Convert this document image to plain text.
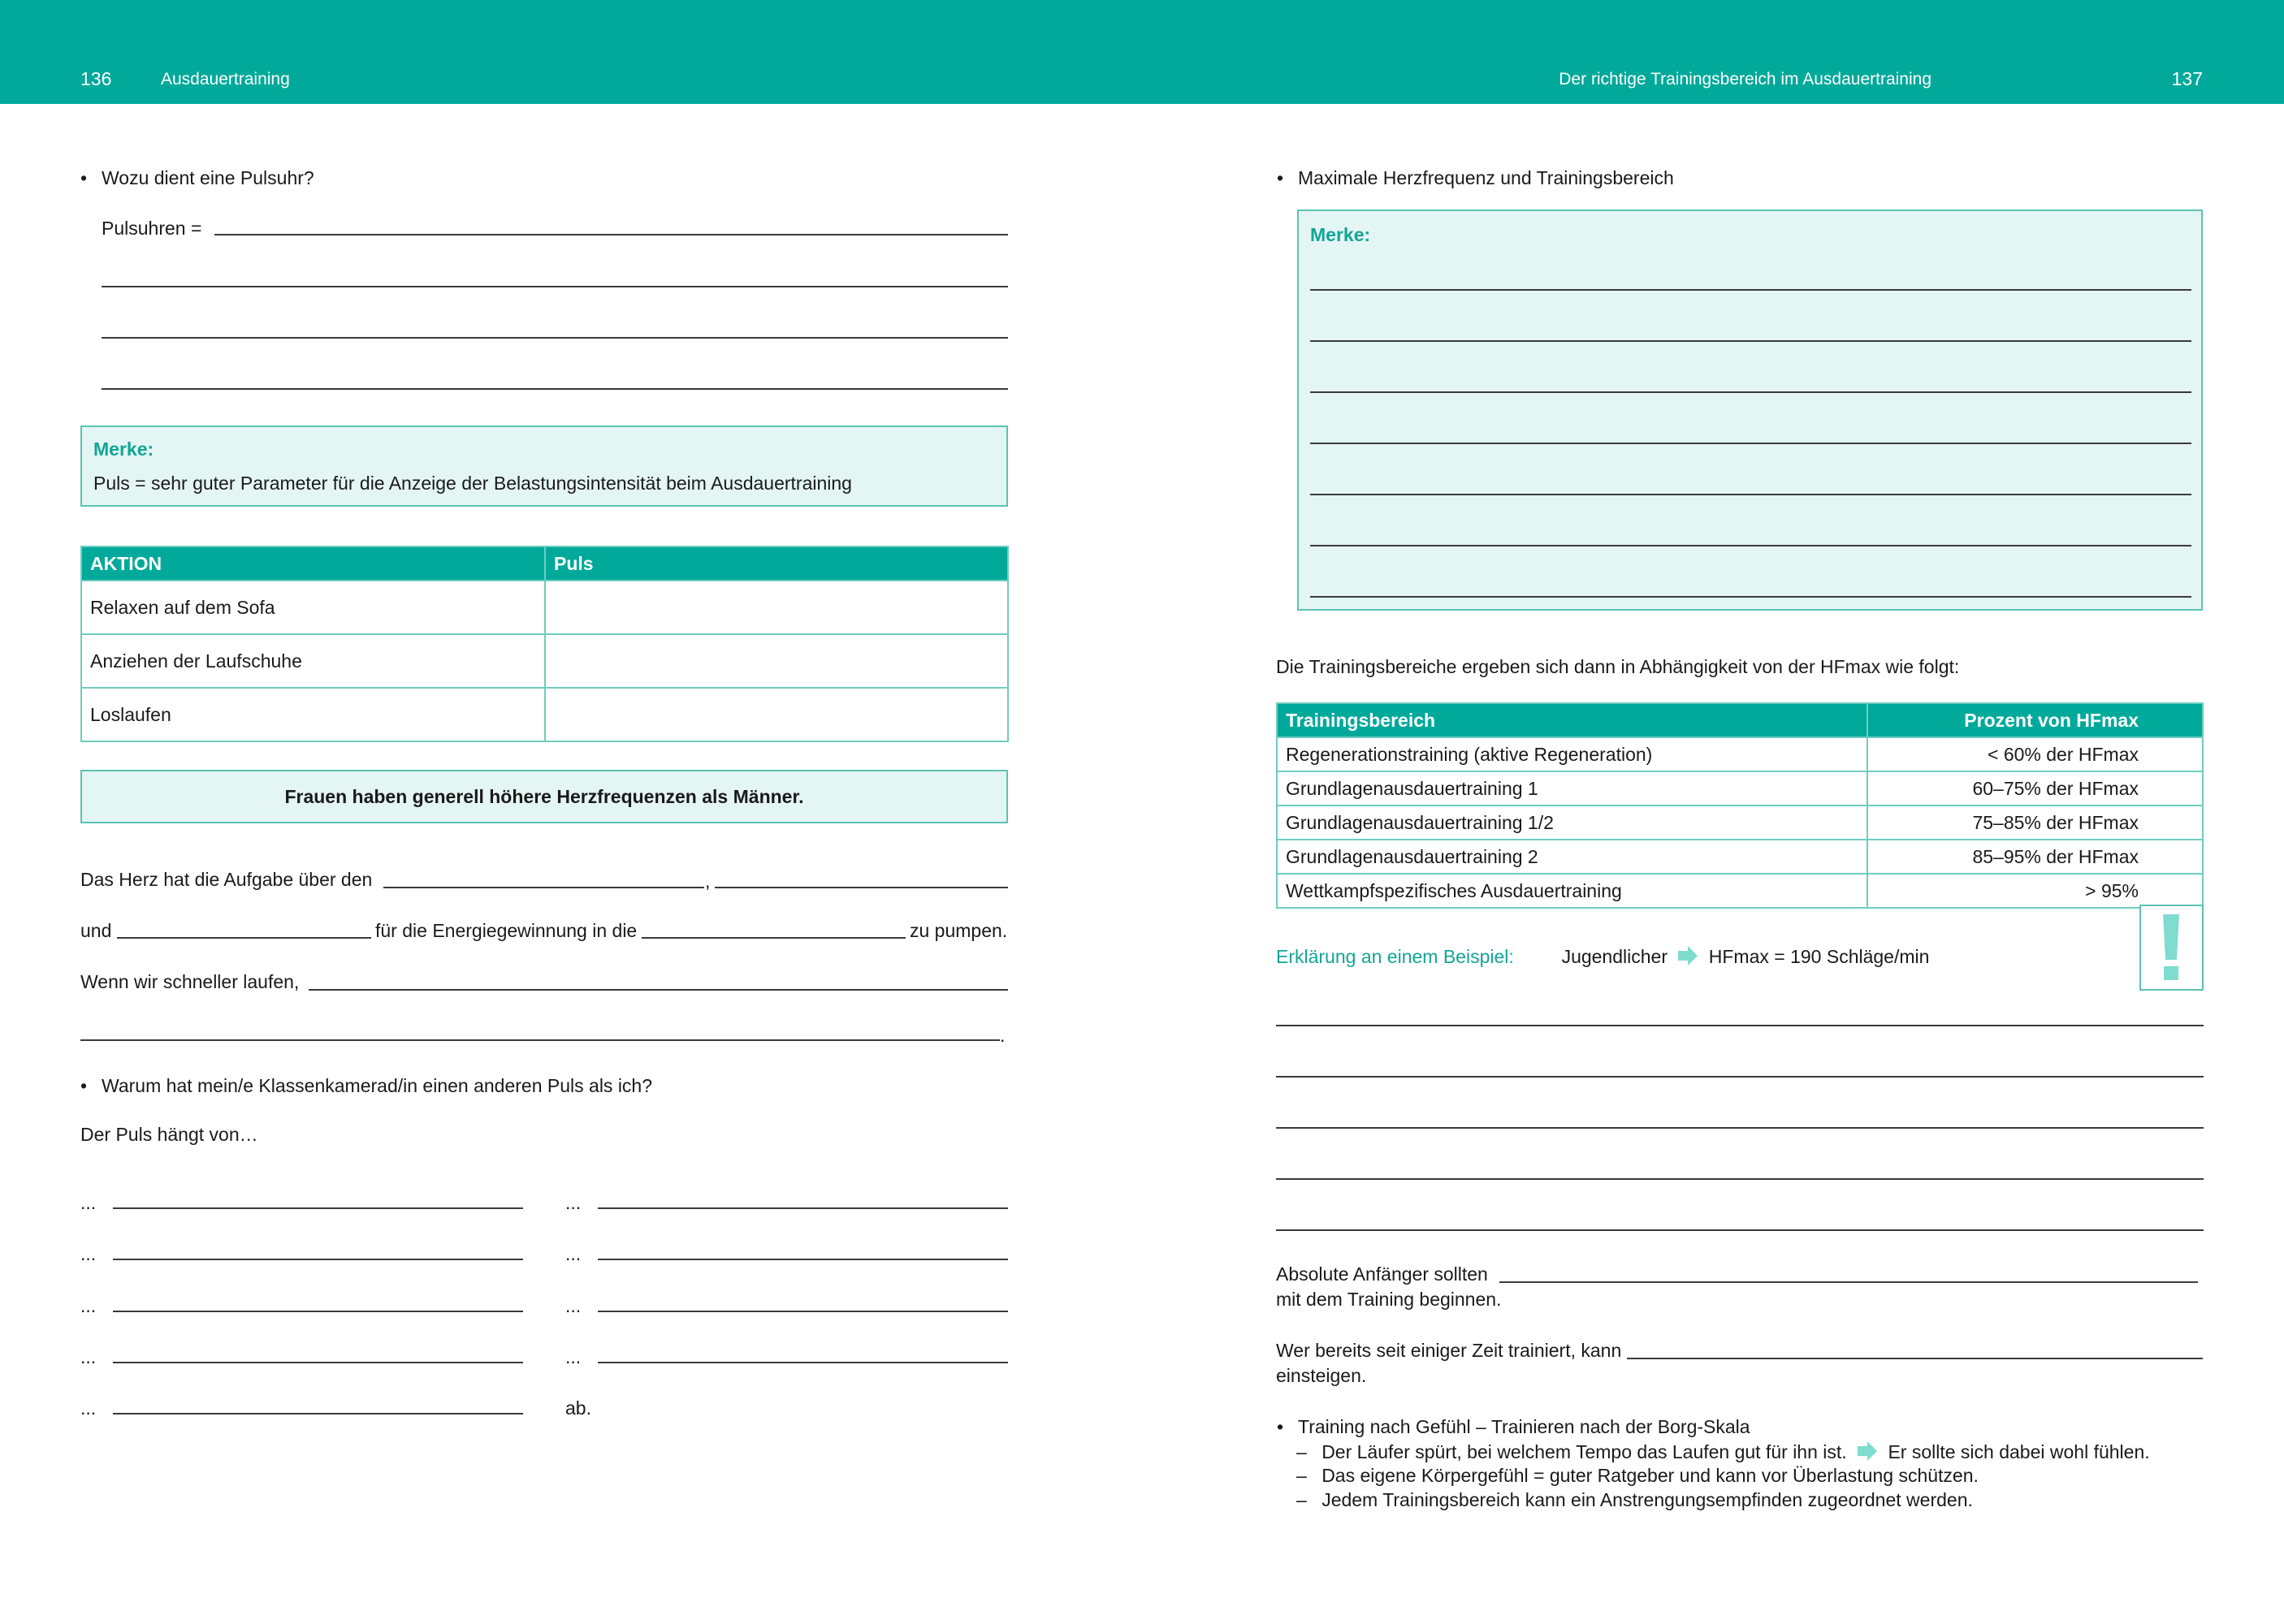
136	Ausdauertraining	Der richtige Trainingsbereich im Ausdauertraining	137
• Wozu dient eine Pulsuhr?
Pulsuhren =
Merke:
Puls = sehr guter Parameter für die Anzeige der Belastungsintensität beim Ausdauertraining
AKTION	Puls
Relaxen auf dem Sofa	
Anziehen der Laufschuhe	
Loslaufen	
Frauen haben generell höhere Herzfrequenzen als Männer.
Das Herz hat die Aufgabe über den	,
und	für die Energiegewinnung in die	zu pumpen.
Wenn wir schneller laufen,
.
• Warum hat mein/e Klassenkamerad/in einen anderen Puls als ich?
Der Puls hängt von…
...
...
...
...
...
...
...
...
...
ab.
• Maximale Herzfrequenz und Trainingsbereich
Merke:
Die Trainingsbereiche ergeben sich dann in Abhängigkeit von der HFmax wie folgt:
Trainingsbereich	Prozent von HFmax
Regenerationstraining (aktive Regeneration)	< 60% der HFmax
Grundlagenausdauertraining 1	60–75% der HFmax
Grundlagenausdauertraining 1/2	75–85% der HFmax
Grundlagenausdauertraining 2	85–95% der HFmax
Wettkampfspezifisches Ausdauertraining	> 95%
Erklärung an einem Beispiel:	Jugendlicher HFmax = 190 Schläge/min
Absolute Anfänger sollten
mit dem Training beginnen.
Wer bereits seit einiger Zeit trainiert, kann
einsteigen.
• Training nach Gefühl – Trainieren nach der Borg-Skala
– Der Läufer spürt, bei welchem Tempo das Laufen gut für ihn ist. Er sollte sich dabei wohl fühlen.
– Das eigene Körpergefühl = guter Ratgeber und kann vor Überlastung schützen.
– Jedem Trainingsbereich kann ein Anstrengungsempfinden zugeordnet werden.
